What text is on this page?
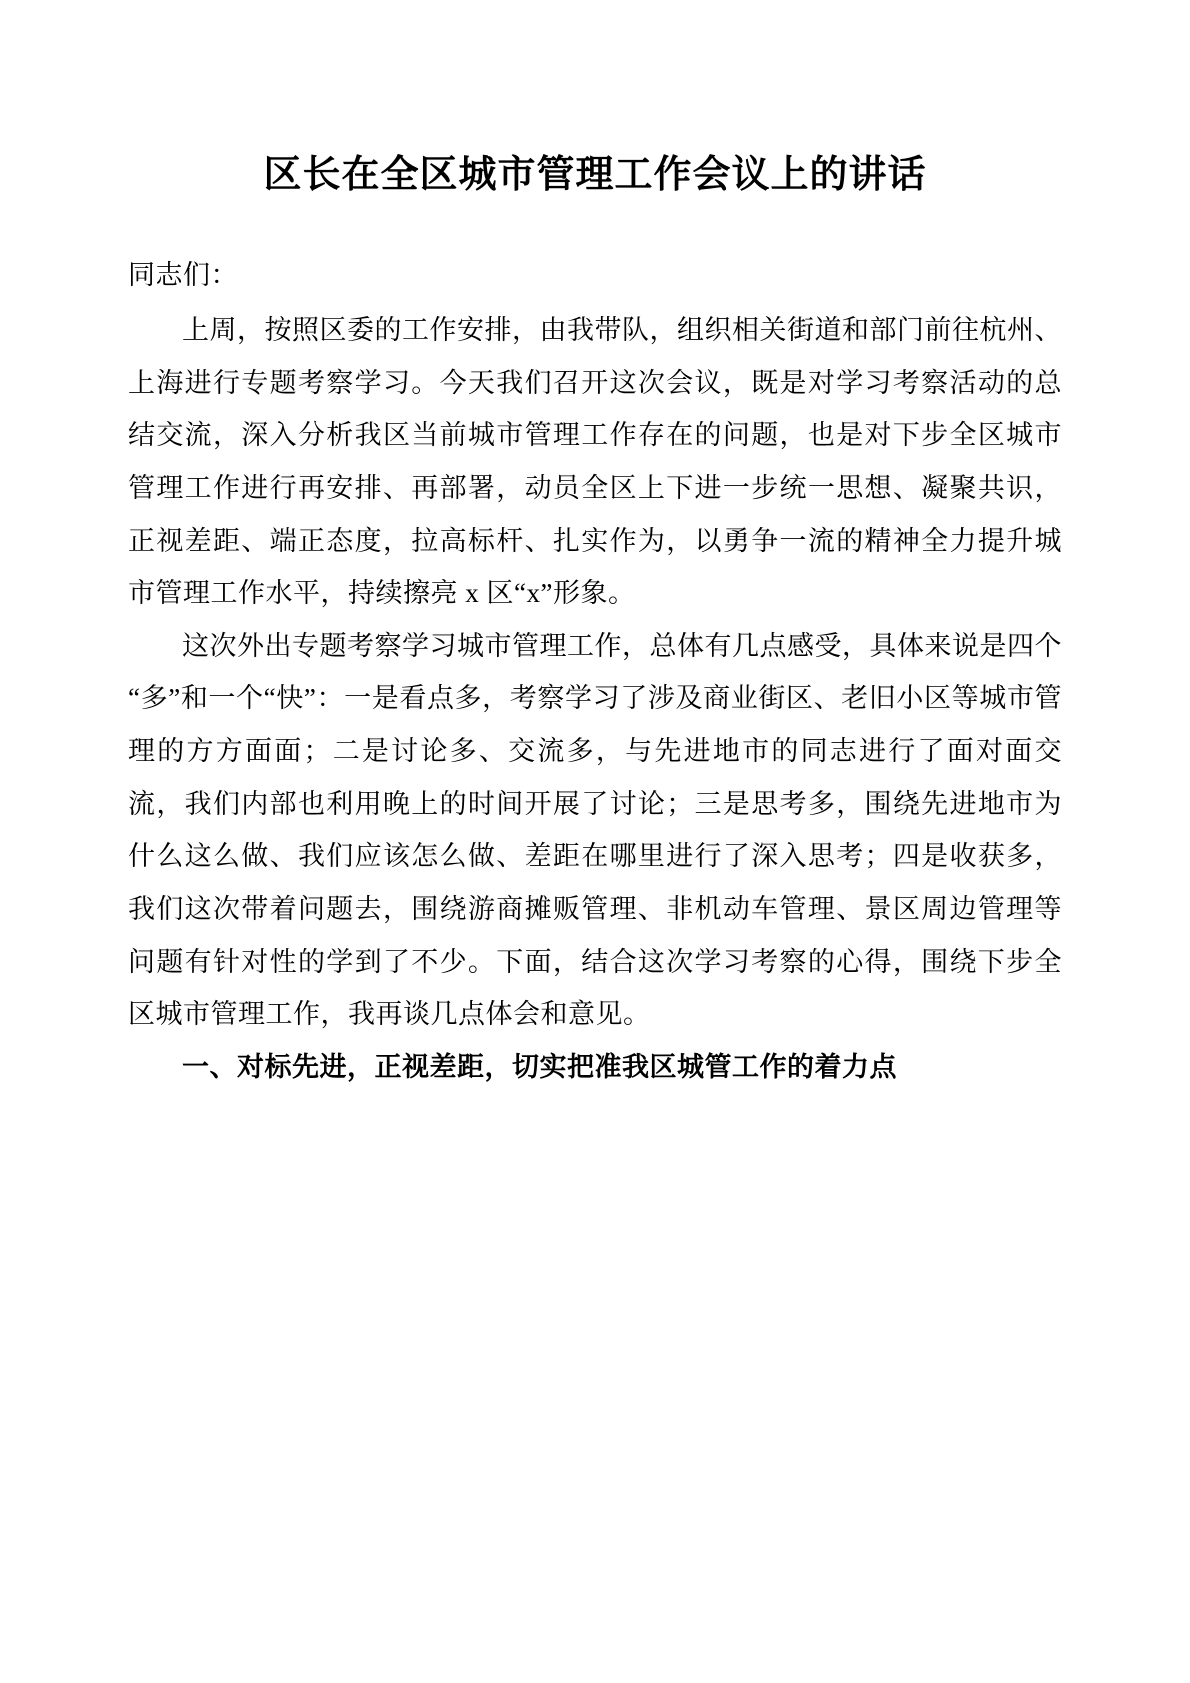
区长在全区城市管理工作会议上的讲话

同志们：

上周，按照区委的工作安排，由我带队，组织相关街道和部门前往杭州、上海进行专题考察学习。今天我们召开这次会议，既是对学习考察活动的总结交流，深入分析我区当前城市管理工作存在的问题，也是对下步全区城市管理工作进行再安排、再部署，动员全区上下进一步统一思想、凝聚共识，正视差距、端正态度，拉高标杆、扎实作为，以勇争一流的精神全力提升城市管理工作水平，持续擦亮 x 区“x”形象。

这次外出专题考察学习城市管理工作，总体有几点感受，具体来说是四个“多”和一个“快”：一是看点多，考察学习了涉及商业街区、老旧小区等城市管理的方方面面；二是讨论多、交流多，与先进地市的同志进行了面对面交流，我们内部也利用晚上的时间开展了讨论；三是思考多，围绕先进地市为什么这么做、我们应该怎么做、差距在哪里进行了深入思考；四是收获多，我们这次带着问题去，围绕游商摊贩管理、非机动车管理、景区周边管理等问题有针对性的学到了不少。下面，结合这次学习考察的心得，围绕下步全区城市管理工作，我再谈几点体会和意见。

一、对标先进，正视差距，切实把准我区城管工作的着力点
